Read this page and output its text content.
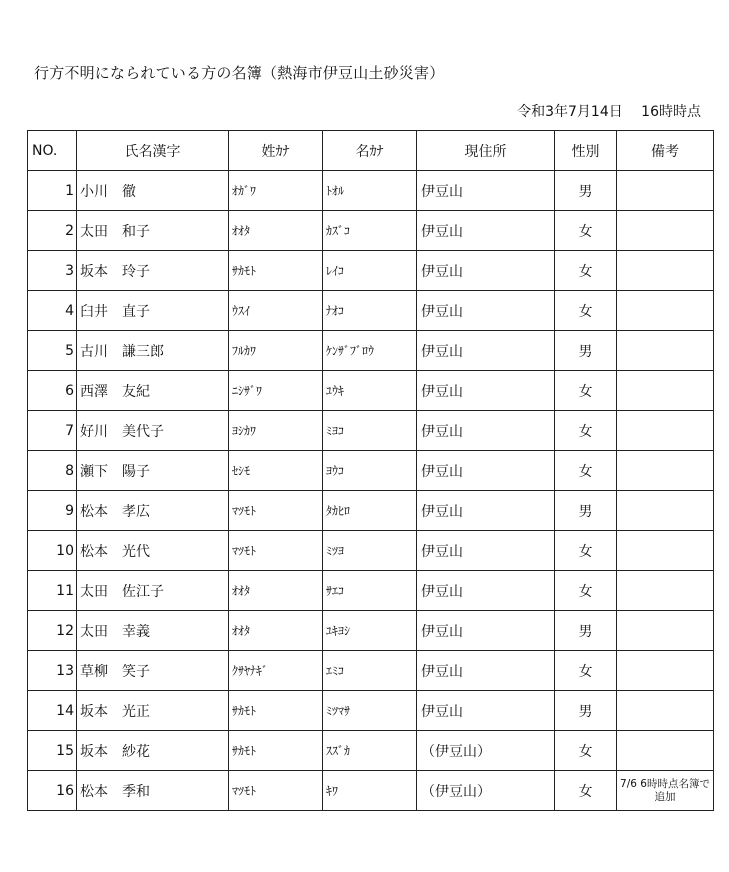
行方不明になられている方の名簿（熱海市伊豆山土砂災害）
令和3年7月14日　 16時時点
NO.	氏名漢字	姓ｶﾅ	名ｶﾅ	現住所	性別	備考
1	小川　徹	ｵｶﾞﾜ	ﾄｵﾙ	伊豆山	男	
2	太田　和子	ｵｵﾀ	ｶｽﾞｺ	伊豆山	女	
3	坂本　玲子	ｻｶﾓﾄ	ﾚｲｺ	伊豆山	女	
4	臼井　直子	ｳｽｲ	ﾅｵｺ	伊豆山	女	
5	古川　謙三郎	ﾌﾙｶﾜ	ｹﾝｻﾞﾌﾞﾛｳ	伊豆山	男	
6	西澤　友紀	ﾆｼｻﾞﾜ	ﾕｳｷ	伊豆山	女	
7	好川　美代子	ﾖｼｶﾜ	ﾐﾖｺ	伊豆山	女	
8	瀬下　陽子	ｾｼﾓ	ﾖｳｺ	伊豆山	女	
9	松本　孝広	ﾏﾂﾓﾄ	ﾀｶﾋﾛ	伊豆山	男	
10	松本　光代	ﾏﾂﾓﾄ	ﾐﾂﾖ	伊豆山	女	
11	太田　佐江子	ｵｵﾀ	ｻｴｺ	伊豆山	女	
12	太田　幸義	ｵｵﾀ	ﾕｷﾖｼ	伊豆山	男	
13	草柳　笑子	ｸｻﾔﾅｷﾞ	ｴﾐｺ	伊豆山	女	
14	坂本　光正	ｻｶﾓﾄ	ﾐﾂﾏｻ	伊豆山	男	
15	坂本　紗花	ｻｶﾓﾄ	ｽｽﾞｶ	（伊豆山）	女	
16	松本　季和	ﾏﾂﾓﾄ	ｷﾜ	（伊豆山）	女	7/6 6時時点名簿で追加
